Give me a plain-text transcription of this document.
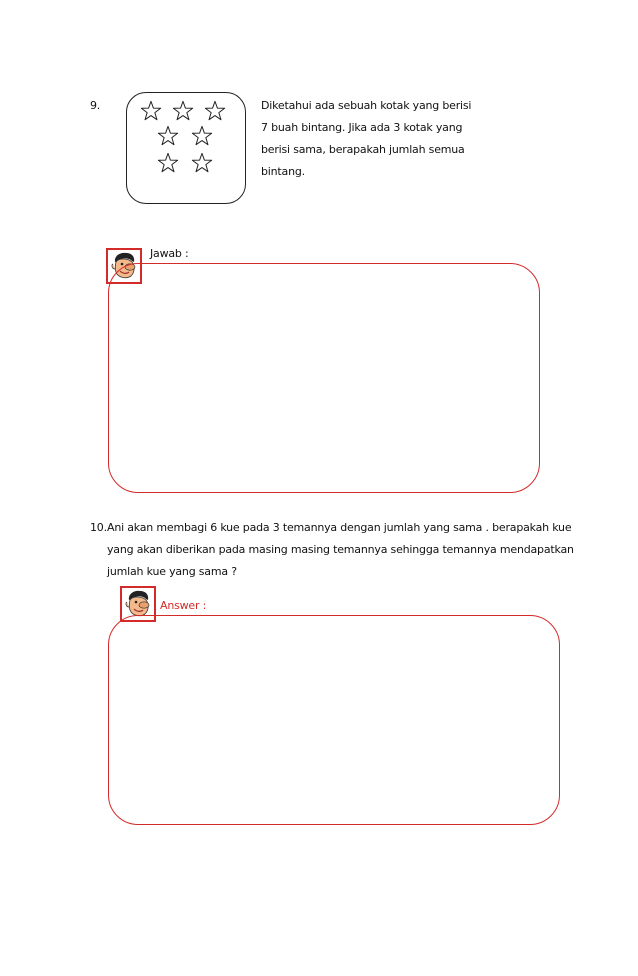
9.	Diketahui ada sebuah kotak yang berisi
7 buah bintang. Jika ada 3 kotak yang
berisi sama, berapakah jumlah semua
bintang.
Jawab :
10. Ani akan membagi 6 kue pada 3 temannya dengan jumlah yang sama . berapakah kue
yang akan diberikan pada masing masing temannya sehingga temannya mendapatkan
jumlah kue yang sama ?
Answer :
